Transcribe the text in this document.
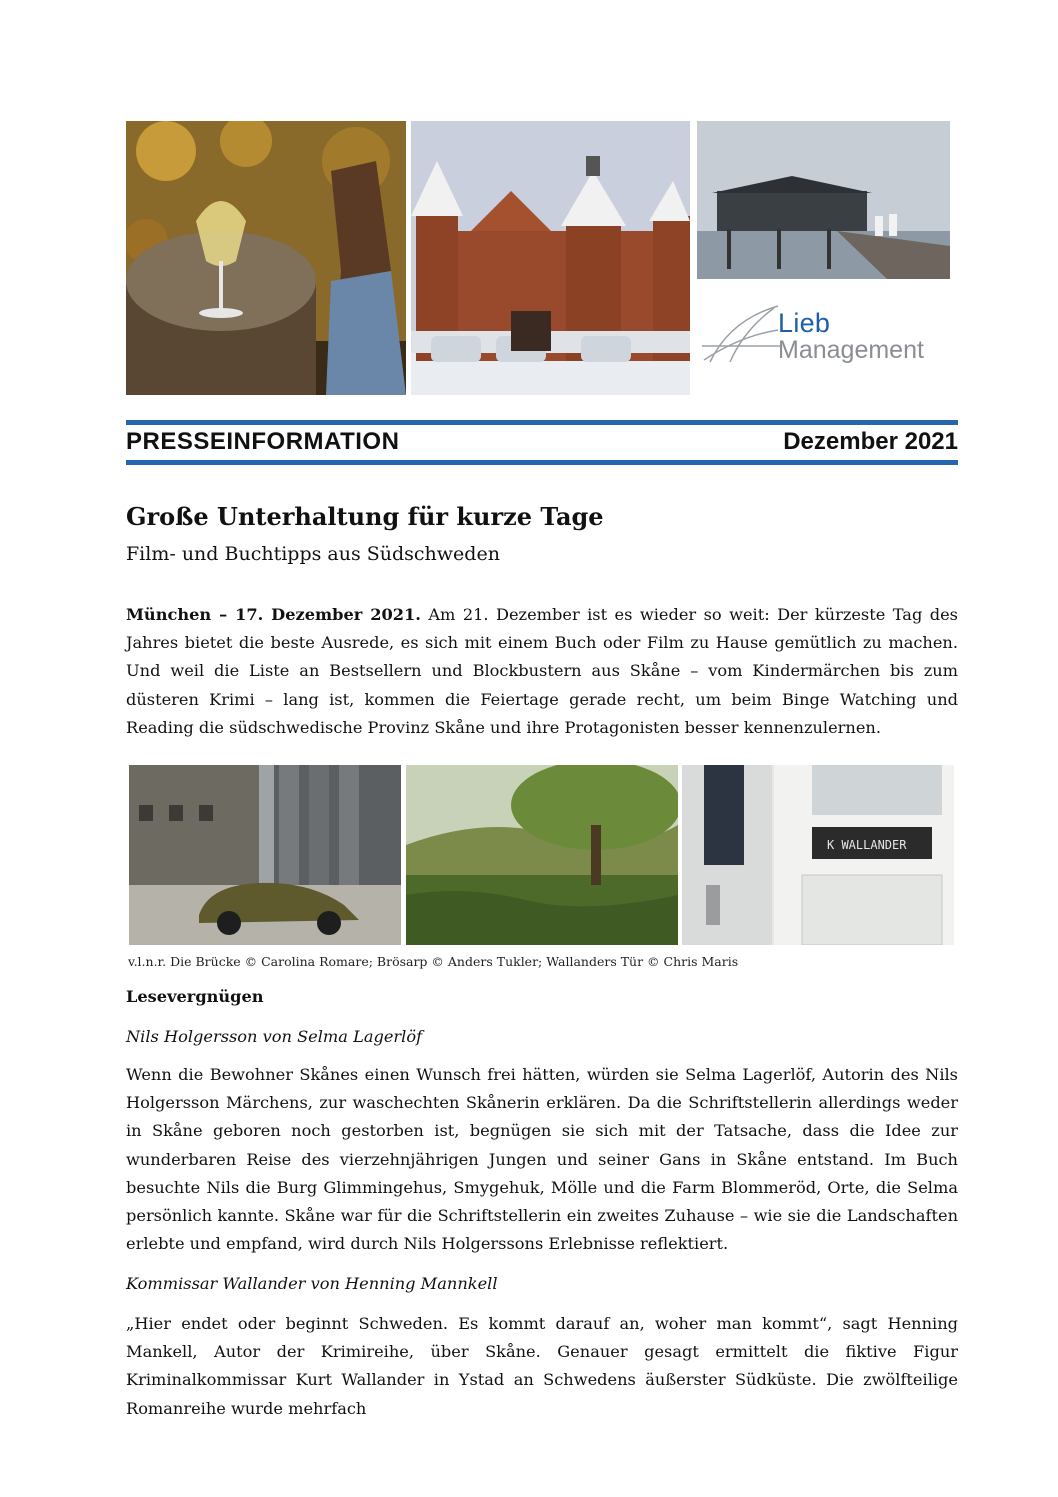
Lieb
Management
PRESSEINFORMATION	Dezember 2021
Große Unterhaltung für kurze Tage
Film- und Buchtipps aus Südschweden

München – 17. Dezember 2021. Am 21. Dezember ist es wieder so weit: Der kürzeste Tag des Jahres bietet die beste Ausrede, es sich mit einem Buch oder Film zu Hause gemütlich zu machen. Und weil die Liste an Bestsellern und Blockbustern aus Skåne – vom Kindermärchen bis zum düsteren Krimi – lang ist, kommen die Feiertage gerade recht, um beim Binge Watching und Reading die südschwedische Provinz Skåne und ihre Protagonisten besser kennenzulernen.

K WALLANDER
v.l.n.r. Die Brücke © Carolina Romare; Brösarp © Anders Tukler; Wallanders Tür © Chris Maris
Lesevergnügen
Nils Holgersson von Selma Lagerlöf

Wenn die Bewohner Skånes einen Wunsch frei hätten, würden sie Selma Lagerlöf, Autorin des Nils Holgersson Märchens, zur waschechten Skånerin erklären. Da die Schriftstellerin allerdings weder in Skåne geboren noch gestorben ist, begnügen sie sich mit der Tatsache, dass die Idee zur wunderbaren Reise des vierzehnjährigen Jungen und seiner Gans in Skåne entstand. Im Buch besuchte Nils die Burg Glimmingehus, Smygehuk, Mölle und die Farm Blommeröd, Orte, die Selma persönlich kannte. Skåne war für die Schriftstellerin ein zweites Zuhause – wie sie die Landschaften erlebte und empfand, wird durch Nils Holgerssons Erlebnisse reflektiert.

Kommissar Wallander von Henning Mannkell

„Hier endet oder beginnt Schweden. Es kommt darauf an, woher man kommt“, sagt Henning Mankell, Autor der Krimireihe, über Skåne. Genauer gesagt ermittelt die fiktive Figur Kriminalkommissar Kurt Wallander in Ystad an Schwedens äußerster Südküste. Die zwölfteilige Romanreihe wurde mehrfach
